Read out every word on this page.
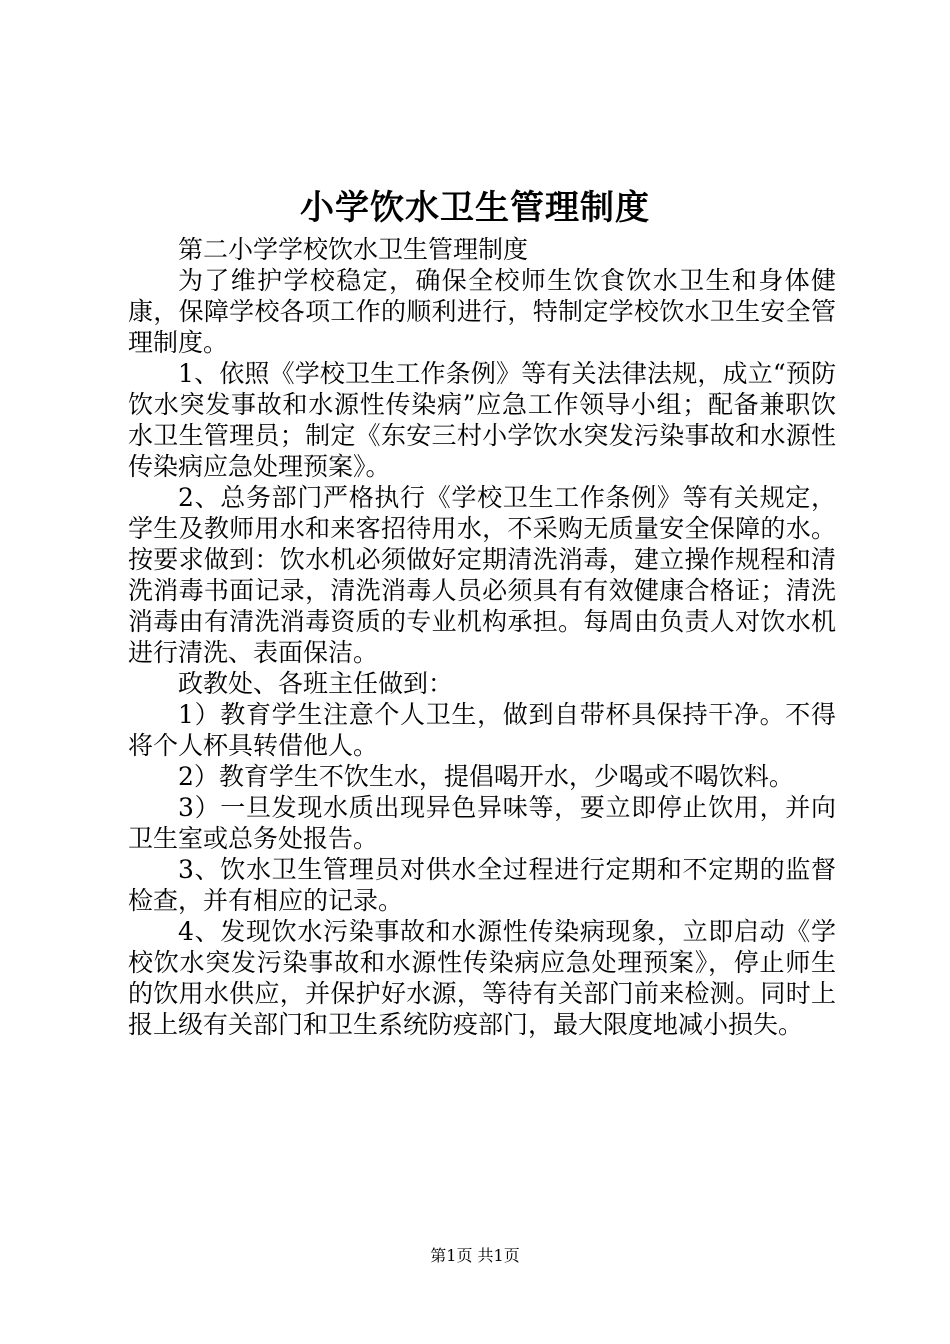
小学饮水卫生管理制度

第二小学学校饮水卫生管理制度

为了维护学校稳定，确保全校师生饮食饮水卫生和身体健康，保障学校各项工作的顺利进行，特制定学校饮水卫生安全管理制度。

1、依照《学校卫生工作条例》等有关法律法规，成立“预防饮水突发事故和水源性传染病”应急工作领导小组；配备兼职饮水卫生管理员；制定《东安三村小学饮水突发污染事故和水源性传染病应急处理预案》。

2、总务部门严格执行《学校卫生工作条例》等有关规定，学生及教师用水和来客招待用水，不采购无质量安全保障的水。按要求做到：饮水机必须做好定期清洗消毒，建立操作规程和清洗消毒书面记录，清洗消毒人员必须具有有效健康合格证；清洗消毒由有清洗消毒资质的专业机构承担。每周由负责人对饮水机进行清洗、表面保洁。

政教处、各班主任做到：

1）教育学生注意个人卫生，做到自带杯具保持干净。不得将个人杯具转借他人。

2）教育学生不饮生水，提倡喝开水，少喝或不喝饮料。

3）一旦发现水质出现异色异味等，要立即停止饮用，并向卫生室或总务处报告。

3、饮水卫生管理员对供水全过程进行定期和不定期的监督检查，并有相应的记录。

4、发现饮水污染事故和水源性传染病现象，立即启动《学校饮水突发污染事故和水源性传染病应急处理预案》，停止师生的饮用水供应，并保护好水源，等待有关部门前来检测。同时上报上级有关部门和卫生系统防疫部门，最大限度地减小损失。

第1页 共1页
